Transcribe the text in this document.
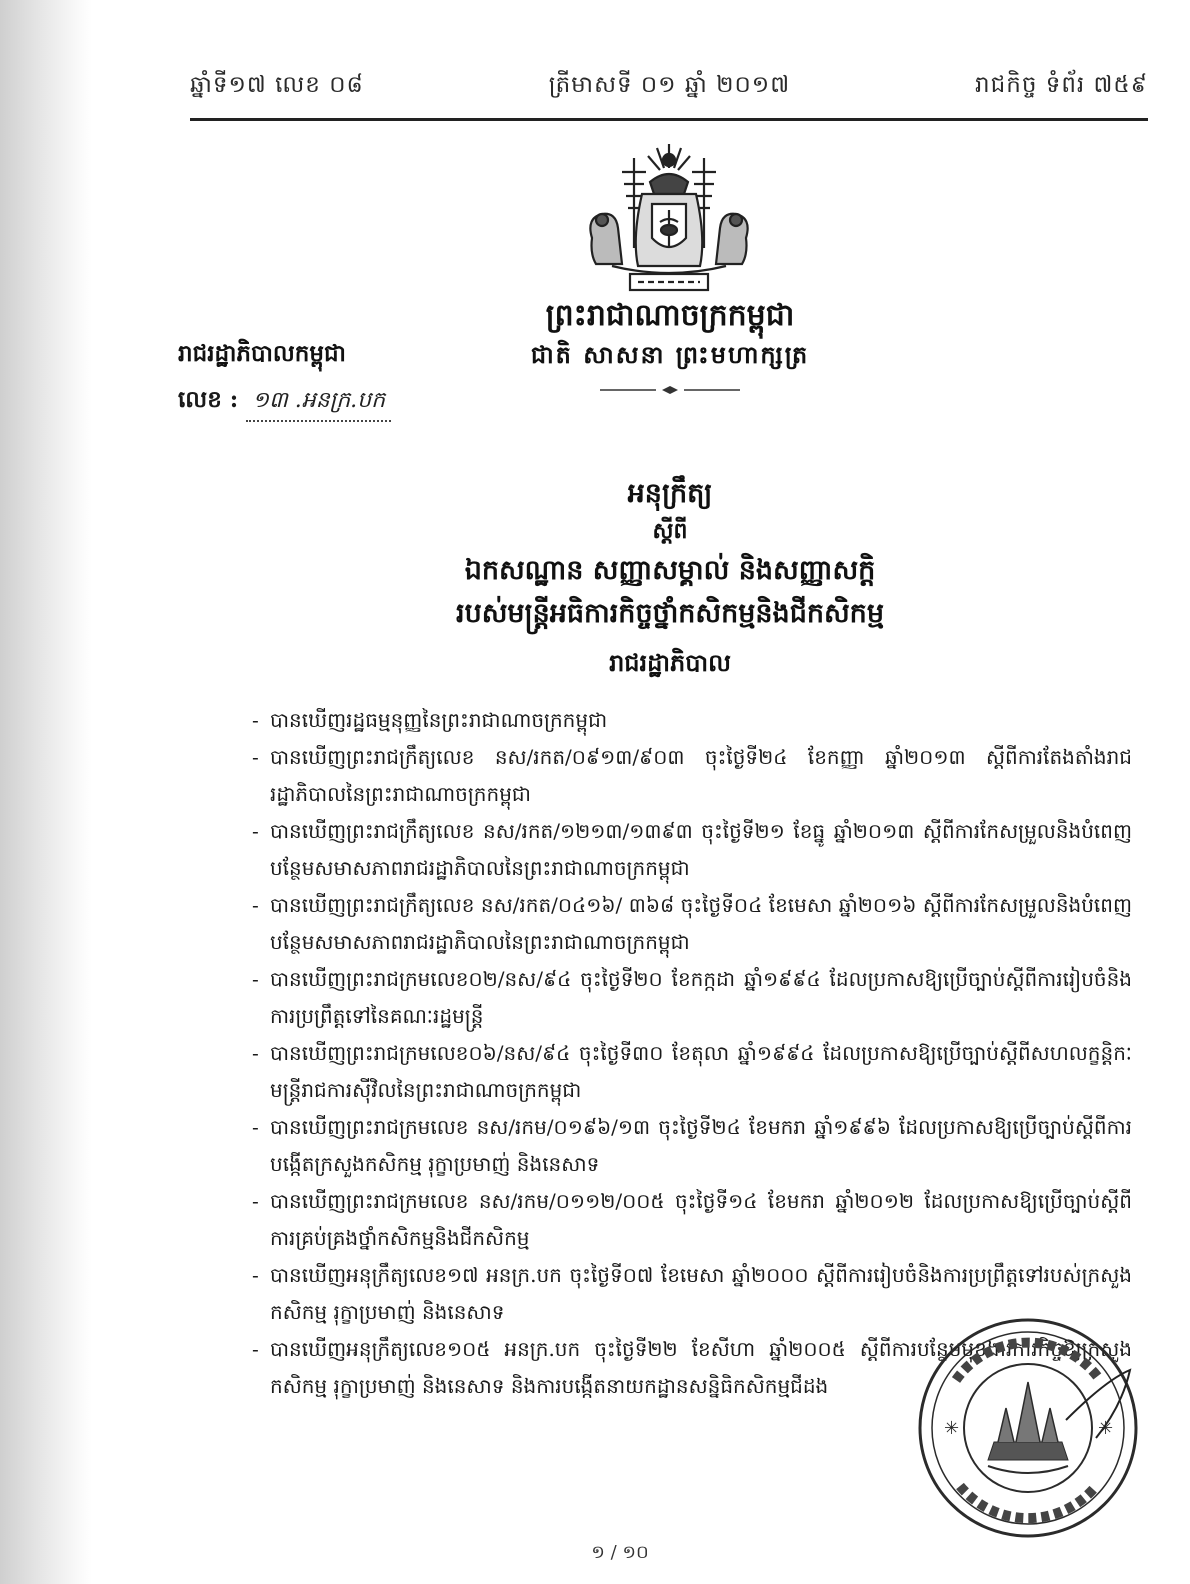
ឆ្នាំទី១៧ លេខ ០៨	ត្រីមាសទី ០១ ឆ្នាំ ២០១៧	រាជកិច្ច ទំព័រ ៧៥៩
ព្រះរាជាណាចក្រកម្ពុជា
រាជរដ្ឋាភិបាលកម្ពុជា	ជាតិ សាសនា ព្រះមហាក្សត្រ
លេខ : ១៣ .អនក្រ.បក
អនុក្រឹត្យ
ស្តីពី
ឯកសណ្ឋាន សញ្ញាសម្គាល់ និងសញ្ញាសក្តិ
របស់មន្ត្រីអធិការកិច្ចថ្នាំកសិកម្មនិងជីកសិកម្ម
រាជរដ្ឋាភិបាល
- បានឃើញរដ្ឋធម្មនុញ្ញនៃព្រះរាជាណាចក្រកម្ពុជា
- បានឃើញព្រះរាជក្រឹត្យលេខ នស/រកត/០៩១៣/៩០៣ ចុះថ្ងៃទី២៤ ខែកញ្ញា ឆ្នាំ២០១៣ ស្តីពីការតែងតាំងរាជរដ្ឋាភិបាលនៃព្រះរាជាណាចក្រកម្ពុជា
- បានឃើញព្រះរាជក្រឹត្យលេខ នស/រកត/១២១៣/១៣៩៣ ចុះថ្ងៃទី២១ ខែធ្នូ ឆ្នាំ២០១៣ ស្តីពីការកែសម្រួលនិងបំពេញបន្ថែមសមាសភាពរាជរដ្ឋាភិបាលនៃព្រះរាជាណាចក្រកម្ពុជា
- បានឃើញព្រះរាជក្រឹត្យលេខ នស/រកត/០៤១៦/ ៣៦៨ ចុះថ្ងៃទី០៤ ខែមេសា ឆ្នាំ២០១៦ ស្តីពីការកែសម្រួលនិងបំពេញបន្ថែមសមាសភាពរាជរដ្ឋាភិបាលនៃព្រះរាជាណាចក្រកម្ពុជា
- បានឃើញព្រះរាជក្រមលេខ០២/នស/៩៤ ចុះថ្ងៃទី២០ ខែកក្កដា ឆ្នាំ១៩៩៤ ដែលប្រកាសឱ្យប្រើច្បាប់ស្តីពីការរៀបចំនិងការប្រព្រឹត្តទៅនៃគណៈរដ្ឋមន្ត្រី
- បានឃើញព្រះរាជក្រមលេខ០៦/នស/៩៤ ចុះថ្ងៃទី៣០ ខែតុលា ឆ្នាំ១៩៩៤ ដែលប្រកាសឱ្យប្រើច្បាប់ស្តីពីសហលក្ខន្តិកៈមន្ត្រីរាជការស៊ីវិលនៃព្រះរាជាណាចក្រកម្ពុជា
- បានឃើញព្រះរាជក្រមលេខ នស/រកម/០១៩៦/១៣ ចុះថ្ងៃទី២៤ ខែមករា ឆ្នាំ១៩៩៦ ដែលប្រកាសឱ្យប្រើច្បាប់ស្តីពីការបង្កើតក្រសួងកសិកម្ម រុក្ខាប្រមាញ់ និងនេសាទ
- បានឃើញព្រះរាជក្រមលេខ នស/រកម/០១១២/០០៥ ចុះថ្ងៃទី១៤ ខែមករា ឆ្នាំ២០១២ ដែលប្រកាសឱ្យប្រើច្បាប់ស្តីពីការគ្រប់គ្រងថ្នាំកសិកម្មនិងជីកសិកម្ម
- បានឃើញអនុក្រឹត្យលេខ១៧ អនក្រ.បក ចុះថ្ងៃទី០៧ ខែមេសា ឆ្នាំ២០០០ ស្តីពីការរៀបចំនិងការប្រព្រឹត្តទៅរបស់ក្រសួងកសិកម្ម រុក្ខាប្រមាញ់ និងនេសាទ
- បានឃើញអនុក្រឹត្យលេខ១០៥ អនក្រ.បក ចុះថ្ងៃទី២២ ខែសីហា ឆ្នាំ២០០៥ ស្តីពីការបន្ថែមមុខងារការកិច្ចឱ្យក្រសួងកសិកម្ម រុក្ខាប្រមាញ់ និងនេសាទ និងការបង្កើតនាយកដ្ឋានសន្និធិកសិកម្មជីដង
✳	✳
១ / ១០
